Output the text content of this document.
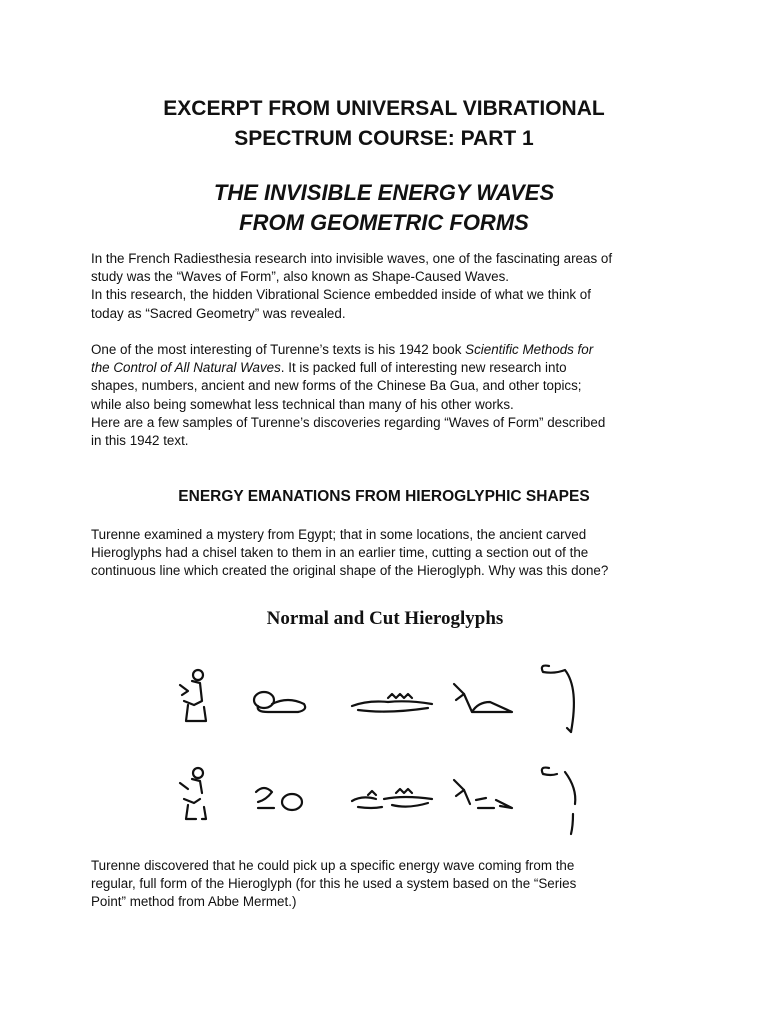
EXCERPT FROM UNIVERSAL VIBRATIONAL
SPECTRUM COURSE: PART 1

THE INVISIBLE ENERGY WAVES
FROM GEOMETRIC FORMS

In the French Radiesthesia research into invisible waves, one of the fascinating areas of
study was the “Waves of Form”, also known as Shape-Caused Waves.
In this research, the hidden Vibrational Science embedded inside of what we think of
today as “Sacred Geometry” was revealed.

One of the most interesting of Turenne’s texts is his 1942 book Scientific Methods for
the Control of All Natural Waves. It is packed full of interesting new research into
shapes, numbers, ancient and new forms of the Chinese Ba Gua, and other topics;
while also being somewhat less technical than many of his other works.
Here are a few samples of Turenne’s discoveries regarding “Waves of Form” described
in this 1942 text.

ENERGY EMANATIONS FROM HIEROGLYPHIC SHAPES

Turenne examined a mystery from Egypt; that in some locations, the ancient carved
Hieroglyphs had a chisel taken to them in an earlier time, cutting a section out of the
continuous line which created the original shape of the Hieroglyph. Why was this done?

Normal and Cut Hieroglyphs

Turenne discovered that he could pick up a specific energy wave coming from the
regular, full form of the Hieroglyph (for this he used a system based on the “Series
Point” method from Abbe Mermet.)
